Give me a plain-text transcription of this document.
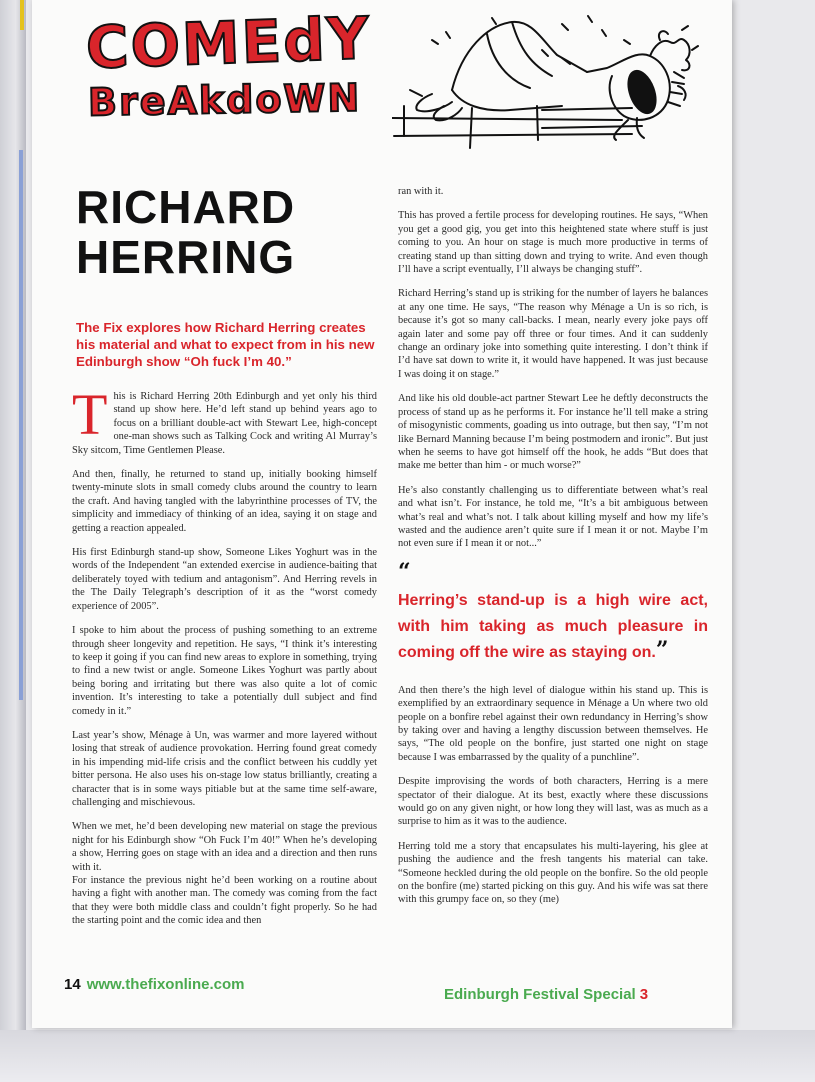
COMEdY
BreAkdoWN
RICHARD
HERRING
The Fix explores how Richard Herring creates his material and what to expect from in his new Edinburgh show “Oh fuck I’m 40.”

This is Richard Herring 20th Edinburgh and yet only his third stand up show here. He’d left stand up behind years ago to focus on a brilliant double-act with Stewart Lee, high-concept one-man shows such as Talking Cock and writing Al Murray’s Sky sitcom, Time Gentlemen Please.

And then, finally, he returned to stand up, initially booking himself twenty-minute slots in small comedy clubs around the country to learn the craft. And having tangled with the labyrinthine processes of TV, the simplicity and immediacy of thinking of an idea, saying it on stage and getting a reaction appealed.

His first Edinburgh stand-up show, Someone Likes Yoghurt was in the words of the Independent “an extended exercise in audience-baiting that deliberately toyed with tedium and antagonism”. And Herring revels in the The Daily Telegraph’s description of it as the “worst comedy experience of 2005”.

I spoke to him about the process of pushing something to an extreme through sheer longevity and repetition. He says, “I think it’s interesting to keep it going if you can find new areas to explore in something, trying to find a new twist or angle. Someone Likes Yoghurt was partly about being boring and irritating but there was also quite a lot of comic invention. It’s interesting to take a potentially dull subject and find comedy in it.”

Last year’s show, Ménage à Un, was warmer and more layered without losing that streak of audience provokation. Herring found great comedy in his impending mid-life crisis and the conflict between his cuddly yet bitter persona. He also uses his on-stage low status brilliantly, creating a character that is in some ways pitiable but at the same time self-aware, challenging and mischievous.

When we met, he’d been developing new material on stage the previous night for his Edinburgh show “Oh Fuck I’m 40!” When he’s developing a show, Herring goes on stage with an idea and a direction and then runs with it.

For instance the previous night he’d been working on a routine about having a fight with another man. The comedy was coming from the fact that they were both middle class and couldn’t fight properly. So he had the starting point and the comic idea and then

ran with it.

This has proved a fertile process for developing routines. He says, “When you get a good gig, you get into this heightened state where stuff is just coming to you. An hour on stage is much more productive in terms of creating stand up than sitting down and trying to write. And even though I’ll have a script eventually, I’ll always be changing stuff”.

Richard Herring’s stand up is striking for the number of layers he balances at any one time. He says, “The reason why Ménage a Un is so rich, is because it’s got so many call-backs. I mean, nearly every joke pays off again later and some pay off three or four times. And it can suddenly change an ordinary joke into something quite interesting. I don’t think if I’d have sat down to write it, it would have happened. It was just because I was doing it on stage.”

And like his old double-act partner Stewart Lee he deftly deconstructs the process of stand up as he performs it. For instance he’ll tell make a string of misogynistic comments, goading us into outrage, but then say, “I’m not like Bernard Manning because I’m being postmodern and ironic”. But just when he seems to have got himself off the hook, he adds “But does that make me better than him - or much worse?”

He’s also constantly challenging us to differentiate between what’s real and what isn’t. For instance, he told me, “It’s a bit ambiguous between what’s real and what’s not. I talk about killing myself and how my life’s wasted and the audience aren’t quite sure if I mean it or not. Maybe I’m not even sure if I mean it or not...”

“
Herring’s stand-up is a high wire act, with him taking as much pleasure in coming off the wire as staying on.”

And then there’s the high level of dialogue within his stand up. This is exemplified by an extraordinary sequence in Ménage a Un where two old people on a bonfire rebel against their own redundancy in Herring’s show by taking over and having a lengthy discussion between themselves. He says, “The old people on the bonfire, just started one night on stage because I was embarrassed by the quality of a punchline”.

Despite improvising the words of both characters, Herring is a mere spectator of their dialogue. At its best, exactly where these discussions would go on any given night, or how long they will last, was as much as a surprise to him as it was to the audience.

Herring told me a story that encapsulates his multi-layering, his glee at pushing the audience and the fresh tangents his material can take. “Someone heckled during the old people on the bonfire. So the old people on the bonfire (me) started picking on this guy. And his wife was sat there with this grumpy face on, so they (me)

14 www.thefixonline.com
Edinburgh Festival Special 3
